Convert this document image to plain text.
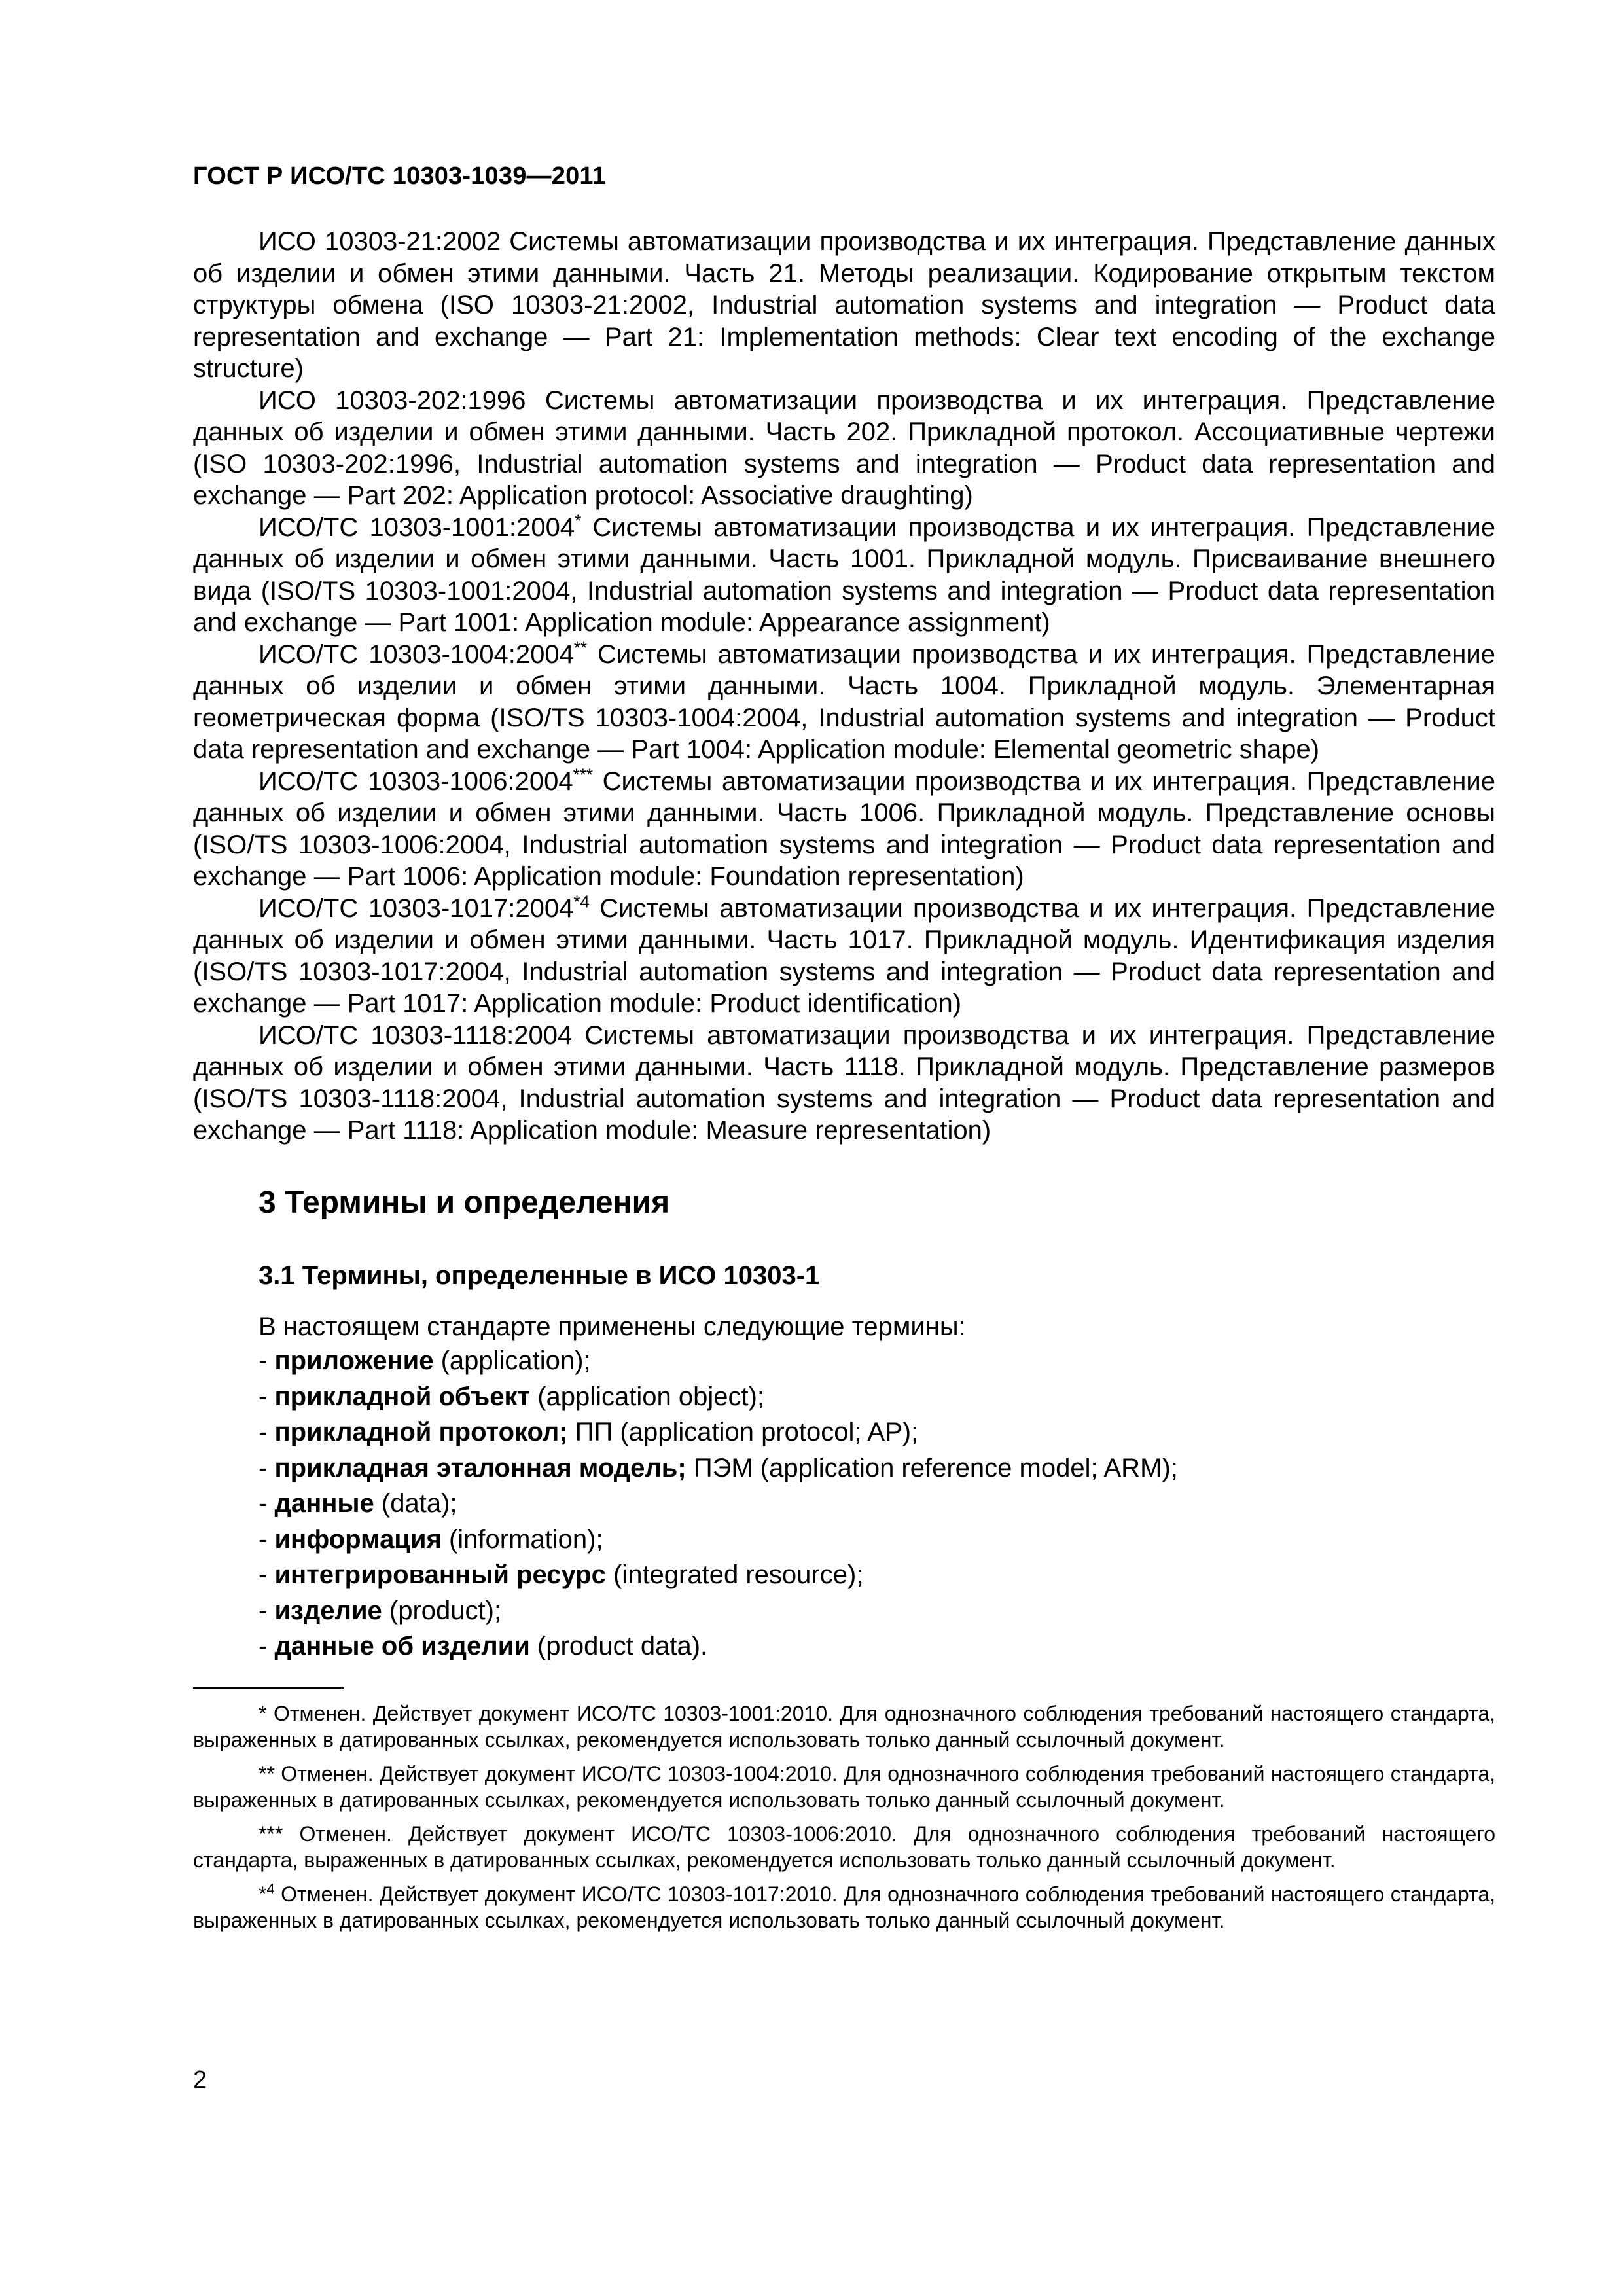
ГОСТ Р ИСО/ТС 10303-1039—2011

ИСО 10303-21:2002 Системы автоматизации производства и их интеграция. Представление данных об изделии и обмен этими данными. Часть 21. Методы реализации. Кодирование открытым текстом структуры обмена (ISO 10303-21:2002, Industrial automation systems and integration — Product data representation and exchange — Part 21: Implementation methods: Clear text encoding of the exchange structure)

ИСО 10303-202:1996 Системы автоматизации производства и их интеграция. Представление данных об изделии и обмен этими данными. Часть 202. Прикладной протокол. Ассоциативные чертежи (ISO 10303-202:1996, Industrial automation systems and integration — Product data representation and exchange — Part 202: Application protocol: Associative draughting)

ИСО/ТС 10303-1001:2004* Системы автоматизации производства и их интеграция. Представление данных об изделии и обмен этими данными. Часть 1001. Прикладной модуль. Присваивание внешнего вида (ISO/TS 10303-1001:2004, Industrial automation systems and integration — Product data representation and exchange — Part 1001: Application module: Appearance assignment)

ИСО/ТС 10303-1004:2004** Системы автоматизации производства и их интеграция. Представление данных об изделии и обмен этими данными. Часть 1004. Прикладной модуль. Элементарная геометрическая форма (ISO/TS 10303-1004:2004, Industrial automation systems and integration — Product data representation and exchange — Part 1004: Application module: Elemental geometric shape)

ИСО/ТС 10303-1006:2004*** Системы автоматизации производства и их интеграция. Представление данных об изделии и обмен этими данными. Часть 1006. Прикладной модуль. Представление основы (ISO/TS 10303-1006:2004, Industrial automation systems and integration — Product data representation and exchange — Part 1006: Application module: Foundation representation)

ИСО/ТС 10303-1017:2004$^{*4}$ Системы автоматизации производства и их интеграция. Представление данных об изделии и обмен этими данными. Часть 1017. Прикладной модуль. Идентификация изделия (ISO/TS 10303-1017:2004, Industrial automation systems and integration — Product data representation and exchange — Part 1017: Application module: Product identification)

ИСО/ТС 10303-1118:2004 Системы автоматизации производства и их интеграция. Представление данных об изделии и обмен этими данными. Часть 1118. Прикладной модуль. Представление размеров (ISO/TS 10303-1118:2004, Industrial automation systems and integration — Product data representation and exchange — Part 1118: Application module: Measure representation)

3 Термины и определения
3.1 Термины, определенные в ИСО 10303-1
В настоящем стандарте применены следующие термины:
- приложение (application);
- прикладной объект (application object);
- прикладной протокол; ПП (application protocol; AP);
- прикладная эталонная модель; ПЭМ (application reference model; ARM);
- данные (data);
- информация (information);
- интегрированный ресурс (integrated resource);
- изделие (product);
- данные об изделии (product data).

* Отменен. Действует документ ИСО/ТС 10303-1001:2010. Для однозначного соблюдения требований настоящего стандарта, выраженных в датированных ссылках, рекомендуется использовать только данный ссылочный документ.

** Отменен. Действует документ ИСО/ТС 10303-1004:2010. Для однозначного соблюдения требований настоящего стандарта, выраженных в датированных ссылках, рекомендуется использовать только данный ссылочный документ.

*** Отменен. Действует документ ИСО/ТС 10303-1006:2010. Для однозначного соблюдения требований настоящего стандарта, выраженных в датированных ссылках, рекомендуется использовать только данный ссылочный документ.

*$^4$ Отменен. Действует документ ИСО/ТС 10303-1017:2010. Для однозначного соблюдения требований настоящего стандарта, выраженных в датированных ссылках, рекомендуется использовать только данный ссылочный документ.

2
